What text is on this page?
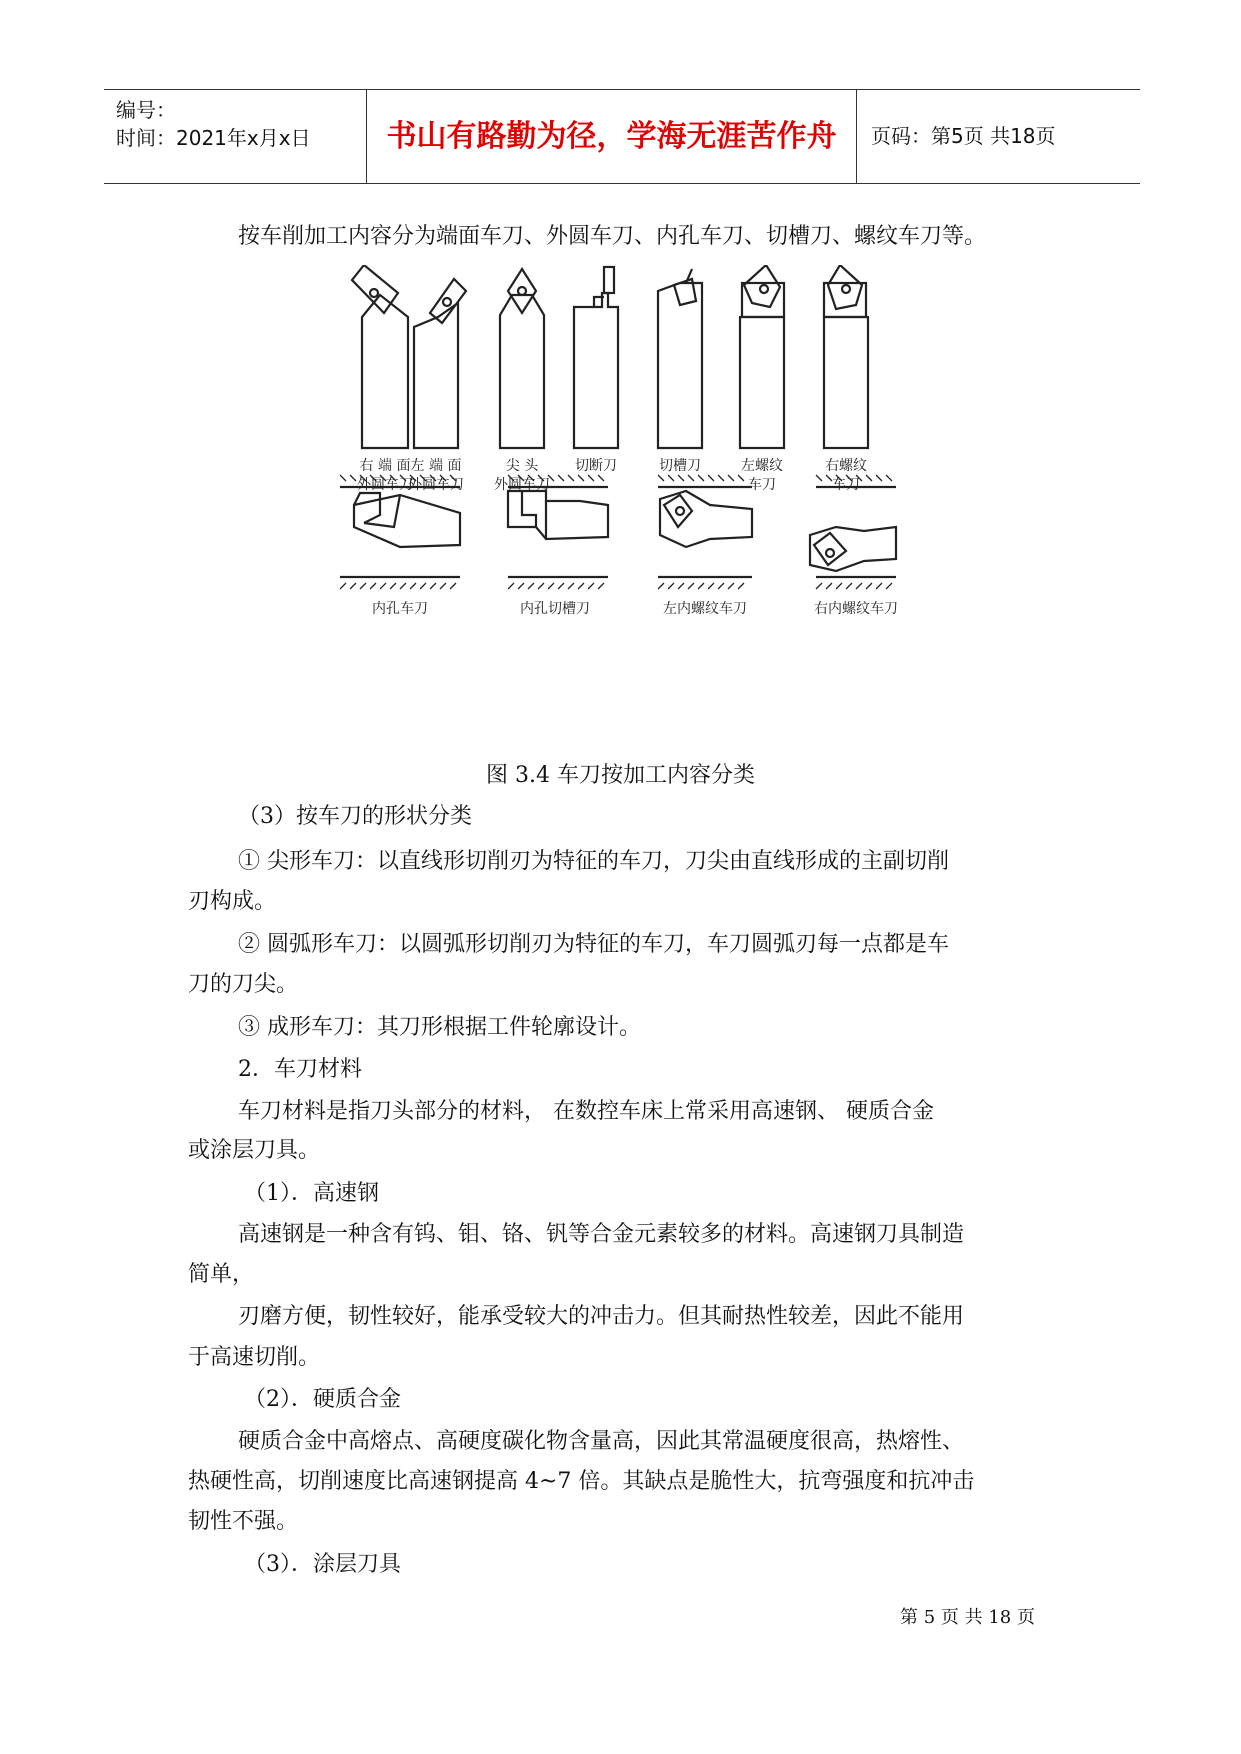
编号：
时间：2021年x月x日	书山有路勤为径，学海无涯苦作舟	页码：第5页 共18页
按车削加工内容分为端面车刀、外圆车刀、内孔车刀、切槽刀、螺纹车刀等。
右 端 面
外圆车刀
左 端 面
外圆车刀
尖 头
外圆车刀
切断刀	切槽刀	左螺纹
车刀
右螺纹
车刀
内孔车刀	内孔切槽刀	左内螺纹车刀	右内螺纹车刀
图 3.4 车刀按加工内容分类
（3）按车刀的形状分类
① 尖形车刀：以直线形切削刃为特征的车刀，刀尖由直线形成的主副切削
刃构成。
② 圆弧形车刀：以圆弧形切削刃为特征的车刀，车刀圆弧刃每一点都是车
刀的刀尖。
③ 成形车刀：其刀形根据工件轮廓设计。
2．车刀材料
车刀材料是指刀头部分的材料， 在数控车床上常采用高速钢、 硬质合金
或涂层刀具。
（1）．高速钢
高速钢是一种含有钨、钼、铬、钒等合金元素较多的材料。高速钢刀具制造
简单，
刃磨方便，韧性较好，能承受较大的冲击力。但其耐热性较差，因此不能用
于高速切削。
（2）．硬质合金
硬质合金中高熔点、高硬度碳化物含量高，因此其常温硬度很高，热熔性、
热硬性高，切削速度比高速钢提高 4~7 倍。其缺点是脆性大，抗弯强度和抗冲击
韧性不强。
（3）．涂层刀具
第 5 页 共 18 页
